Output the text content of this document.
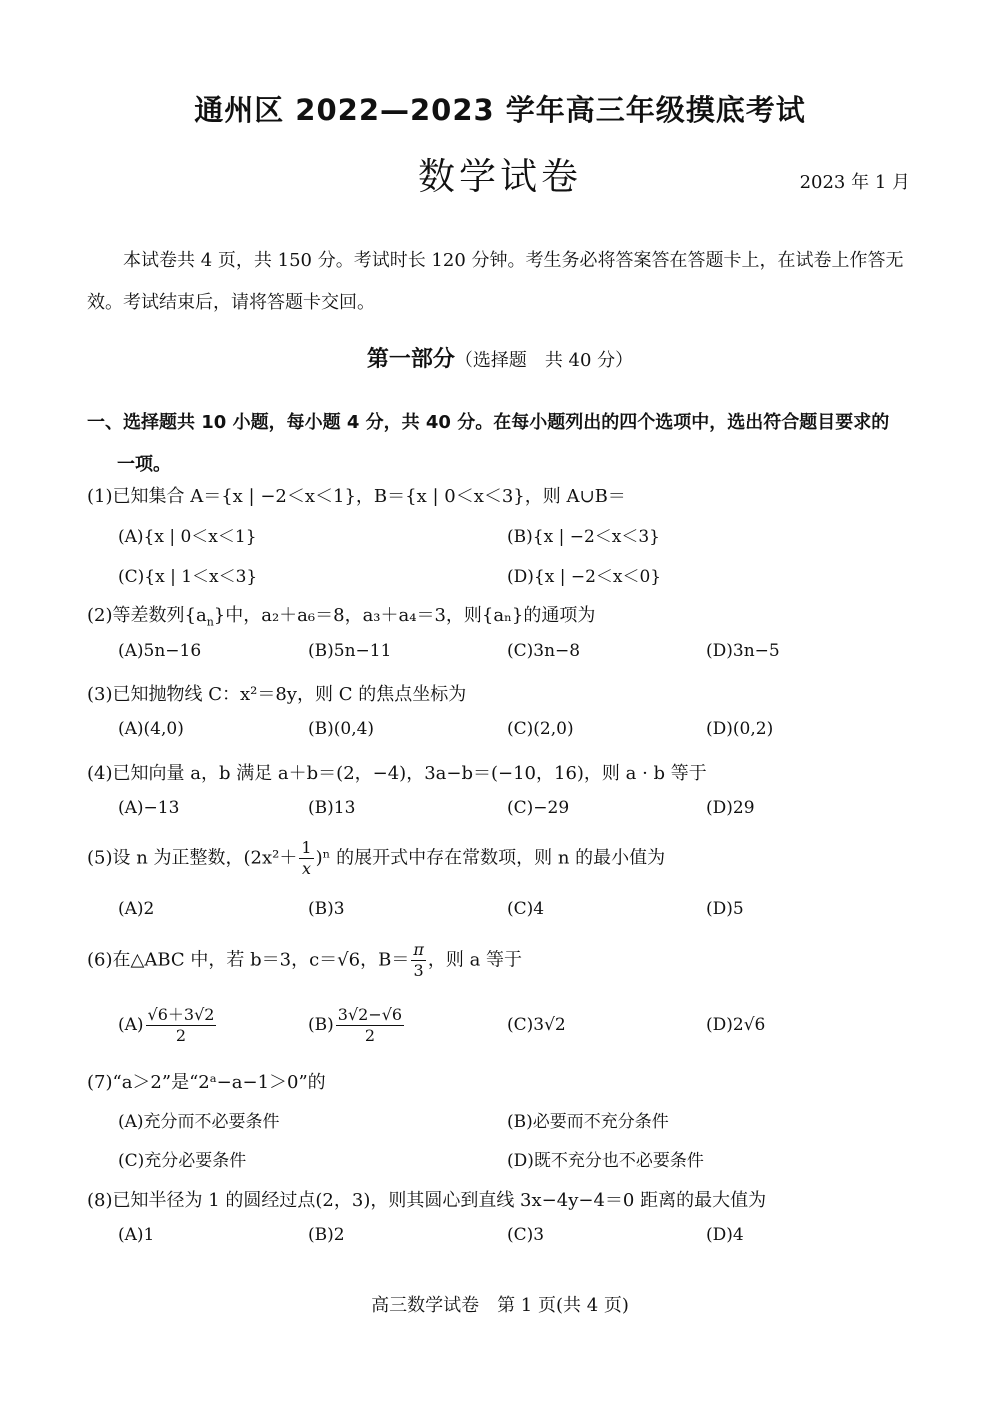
通州区 2022—2023 学年高三年级摸底考试
数学试卷	2023 年 1 月
本试卷共 4 页，共 150 分。考试时长 120 分钟。考生务必将答案答在答题卡上，在试卷上作答无效。考试结束后，请将答题卡交回。
第一部分（选择题　共 40 分）
一、选择题共 10 小题，每小题 4 分，共 40 分。在每小题列出的四个选项中，选出符合题目要求的
一项。
(1)已知集合 A＝{x | −2＜x＜1}，B＝{x | 0＜x＜3}，则 A∪B＝
(A){x | 0＜x＜1}	(B){x | −2＜x＜3}
(C){x | 1＜x＜3}	(D){x | −2＜x＜0}
(2)等差数列$\{a_n\}$中，a₂＋a₆＝8，a₃＋a₄＝3，则{aₙ}的通项为
(A)5n−16	(B)5n−11	(C)3n−8	(D)3n−5
(3)已知抛物线 C：x²＝8y，则 C 的焦点坐标为
(A)(4,0)	(B)(0,4)	(C)(2,0)	(D)(0,2)
(4)已知向量 a，b 满足 a＋b＝(2，−4)，3a−b＝(−10，16)，则 a · b 等于
(A)−13	(B)13	(C)−29	(D)29
(5)设 n 为正整数，$(2x^2+ \frac{1}{x} )^n$ 的展开式中存在常数项，则 n 的最小值为
(A)2	(B)3	(C)4	(D)5
(6)在△ABC 中，若 b＝3，c＝√6，$B= \frac{\pi}{3}$ ，则 a 等于
$(A) \frac{√6+3√2}{2}$	$(B) \frac{3√2-√6}{2}$	(C)3√2	(D)2√6
(7)“a＞2”是“2ᵃ−a−1＞0”的
(A)充分而不必要条件	(B)必要而不充分条件
(C)充分必要条件	(D)既不充分也不必要条件
(8)已知半径为 1 的圆经过点(2，3)，则其圆心到直线 3x−4y−4＝0 距离的最大值为
(A)1	(B)2	(C)3	(D)4
高三数学试卷　第 1 页(共 4 页)
